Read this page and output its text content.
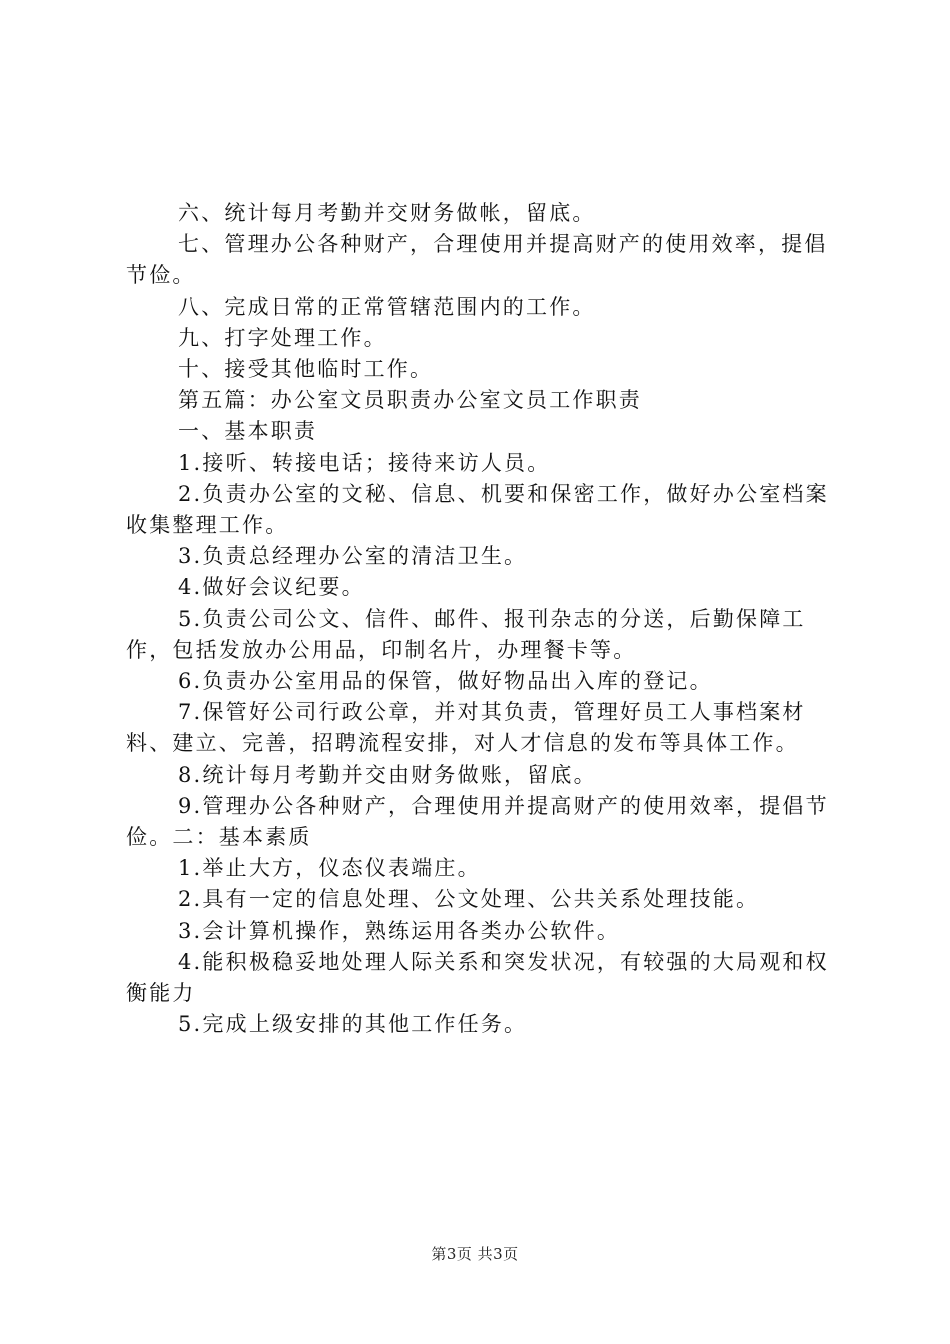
六、统计每月考勤并交财务做帐，留底。

七、管理办公各种财产，合理使用并提高财产的使用效率，提倡节俭。

八、完成日常的正常管辖范围内的工作。

九、打字处理工作。

十、接受其他临时工作。

第五篇：办公室文员职责办公室文员工作职责

一、基本职责

1.接听、转接电话；接待来访人员。

2.负责办公室的文秘、信息、机要和保密工作，做好办公室档案收集整理工作。

3.负责总经理办公室的清洁卫生。

4.做好会议纪要。

5.负责公司公文、信件、邮件、报刊杂志的分送，后勤保障工作，包括发放办公用品，印制名片，办理餐卡等。

6.负责办公室用品的保管，做好物品出入库的登记。

7.保管好公司行政公章，并对其负责，管理好员工人事档案材料、建立、完善，招聘流程安排，对人才信息的发布等具体工作。

8.统计每月考勤并交由财务做账，留底。

9.管理办公各种财产，合理使用并提高财产的使用效率，提倡节俭。二：基本素质

1.举止大方，仪态仪表端庄。

2.具有一定的信息处理、公文处理、公共关系处理技能。

3.会计算机操作，熟练运用各类办公软件。

4.能积极稳妥地处理人际关系和突发状况，有较强的大局观和权衡能力

5.完成上级安排的其他工作任务。

第3页 共3页
